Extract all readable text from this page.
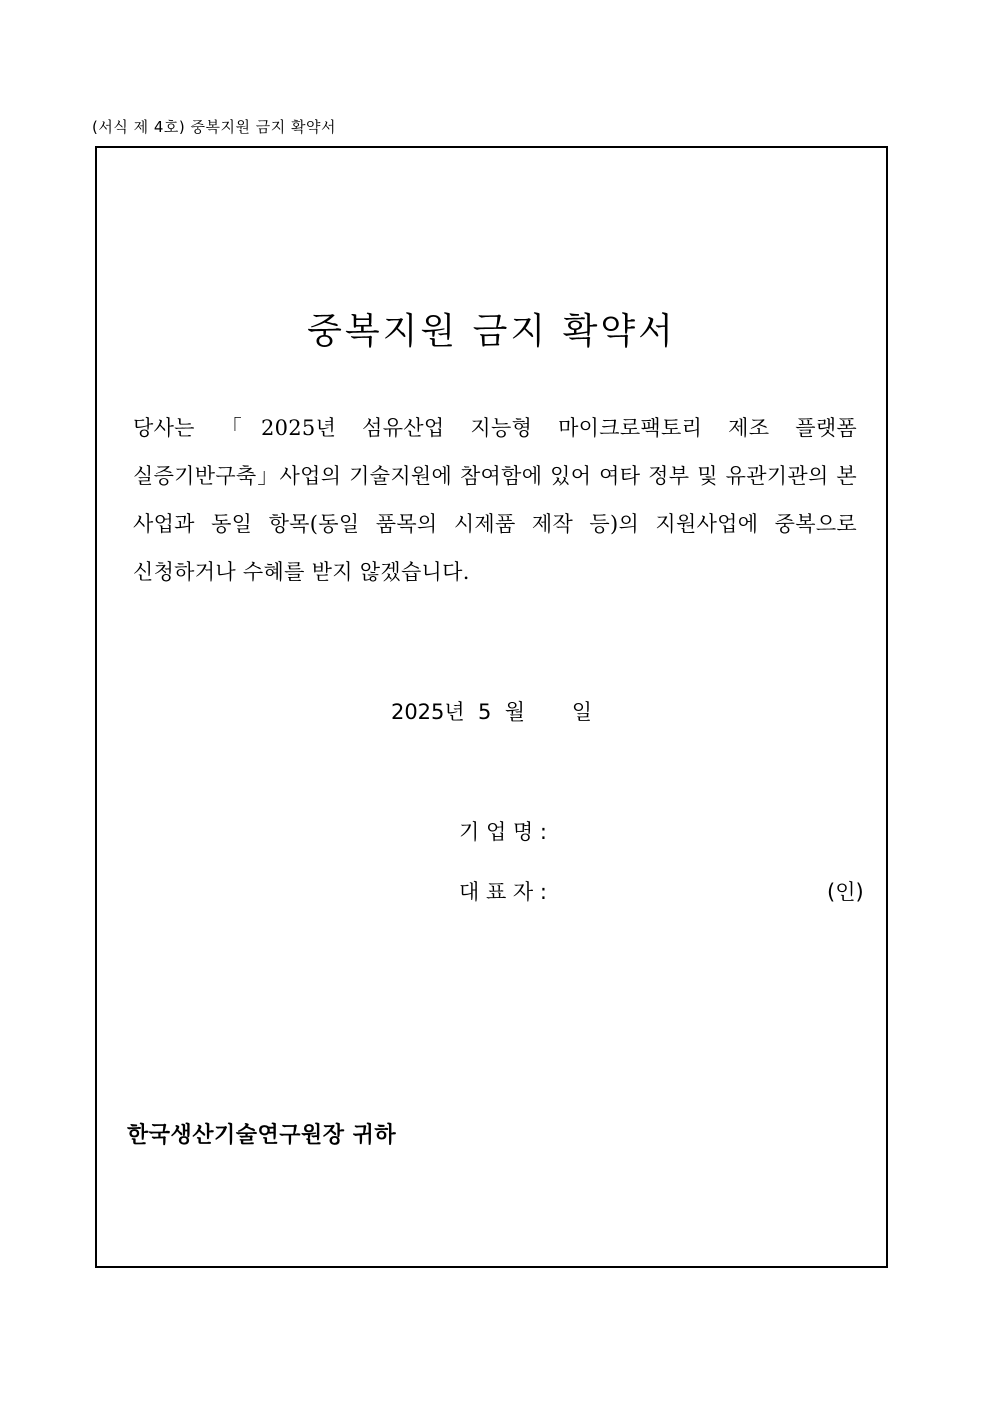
(서식 제 4호) 중복지원 금지 확약서
중복지원 금지 확약서
당사는 「2025년 섬유산업 지능형 마이크로팩토리 제조 플랫폼 실증기반구축」사업의 기술지원에 참여함에 있어 여타 정부 및 유관기관의 본 사업과 동일 항목(동일 품목의 시제품 제작 등)의 지원사업에 중복으로 신청하거나 수혜를 받지 않겠습니다.
2025년  5  월       일
기 업 명 :
대 표 자 :	(인)
한국생산기술연구원장 귀하
